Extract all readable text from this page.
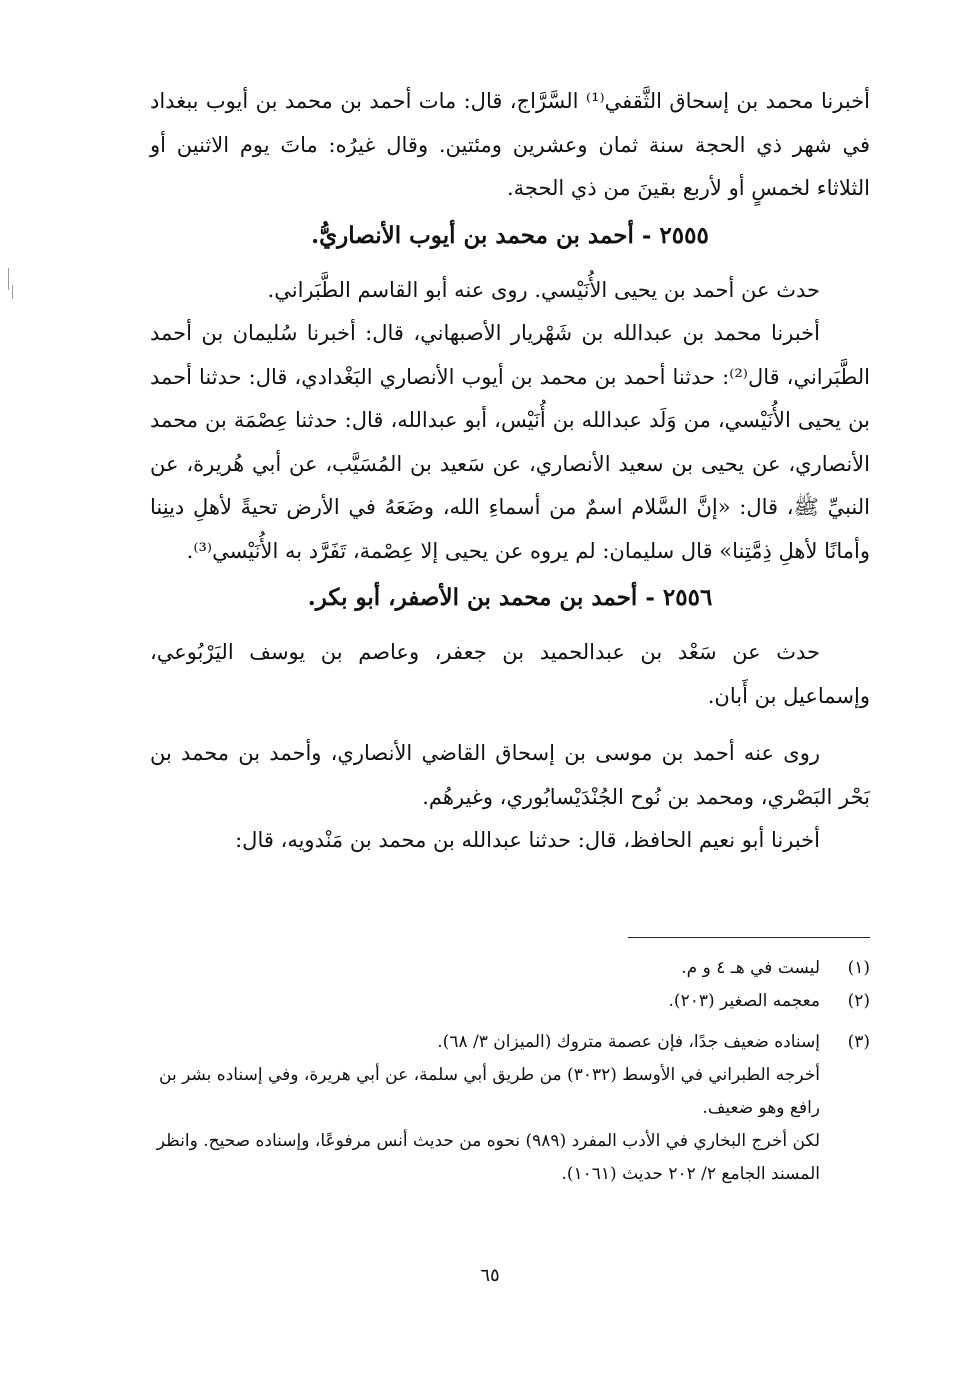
أخبرنا محمد بن إسحاق الثَّقفي⁽¹⁾ السَّرَّاج، قال: مات أحمد بن محمد بن أيوب ببغداد في شهر ذي الحجة سنة ثمان وعشرين ومئتين. وقال غيرُه: ماتَ يوم الاثنين أو الثلاثاء لخمسٍ أو لأربع بقينَ من ذي الحجة.

٢٥٥٥ - أحمد بن محمد بن أيوب الأنصاريُّ.

حدث عن أحمد بن يحيى الأُنَيْسي. روى عنه أبو القاسم الطَّبَراني.

أخبرنا محمد بن عبدالله بن شَهْريار الأصبهاني، قال: أخبرنا سُليمان بن أحمد الطَّبَراني، قال⁽²⁾: حدثنا أحمد بن محمد بن أيوب الأنصاري البَغْدادي، قال: حدثنا أحمد بن يحيى الأُنَيْسي، من وَلَد عبدالله بن أُنَيْس، أبو عبدالله، قال: حدثنا عِصْمَة بن محمد الأنصاري، عن يحيى بن سعيد الأنصاري، عن سَعيد بن المُسَيَّب، عن أبي هُريرة، عن النبيِّ ﷺ، قال: «إنَّ السَّلام اسمٌ من أسماءِ الله، وضَعَهُ في الأرض تحيةً لأهلِ دينِنا وأمانًا لأهلِ ذِمَّتِنا» قال سليمان: لم يروه عن يحيى إلا عِصْمة، تَفَرَّد به الأُنَيْسي⁽³⁾.

٢٥٥٦ - أحمد بن محمد بن الأصفر، أبو بكر.

حدث عن سَعْد بن عبدالحميد بن جعفر، وعاصم بن يوسف اليَرْبُوعي، وإسماعيل بن أَبان.

روى عنه أحمد بن موسى بن إسحاق القاضي الأنصاري، وأحمد بن محمد بن بَحْر البَصْري، ومحمد بن نُوح الجُنْدَيْسابُوري، وغيرهُم.

أخبرنا أبو نعيم الحافظ، قال: حدثنا عبدالله بن محمد بن مَنْدويه، قال:

(١)
ليست في هـ ٤ و م.
(٢)
معجمه الصغير (٢٠٣).
(٣)
إسناده ضعيف جدًا، فإن عصمة متروك (الميزان ٣/ ٦٨).

أخرجه الطبراني في الأوسط (٣٠٣٢) من طريق أبي سلمة، عن أبي هريرة، وفي إسناده بشر بن رافع وهو ضعيف.

لكن أخرج البخاري في الأدب المفرد (٩٨٩) نحوه من حديث أنس مرفوعًا، وإسناده صحيح. وانظر المسند الجامع ٢/ ٢٠٢ حديث (١٠٦١).

٦٥
